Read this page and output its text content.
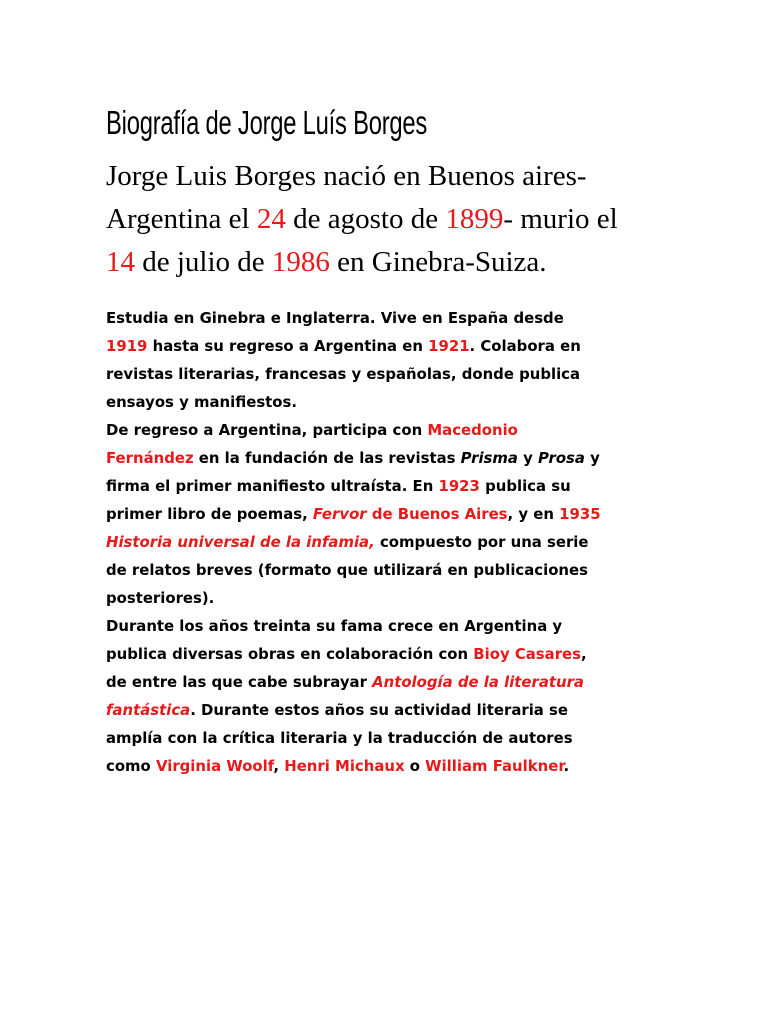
Biografía de Jorge Luís Borges

Jorge Luis Borges nació en Buenos aires-Argentina el 24 de agosto de 1899- murio el 14 de julio de 1986 en Ginebra-Suiza.

Estudia en Ginebra e Inglaterra. Vive en España desde 1919 hasta su regreso a Argentina en 1921. Colabora en revistas literarias, francesas y españolas, donde publica ensayos y manifiestos.

De regreso a Argentina, participa con Macedonio Fernández en la fundación de las revistas Prisma y Prosa y firma el primer manifiesto ultraísta. En 1923 publica su primer libro de poemas, Fervor de Buenos Aires, y en 1935 Historia universal de la infamia, compuesto por una serie de relatos breves (formato que utilizará en publicaciones posteriores).

Durante los años treinta su fama crece en Argentina y publica diversas obras en colaboración con Bioy Casares, de entre las que cabe subrayar Antología de la literatura fantástica. Durante estos años su actividad literaria se amplía con la crítica literaria y la traducción de autores como Virginia Woolf, Henri Michaux o William Faulkner.
